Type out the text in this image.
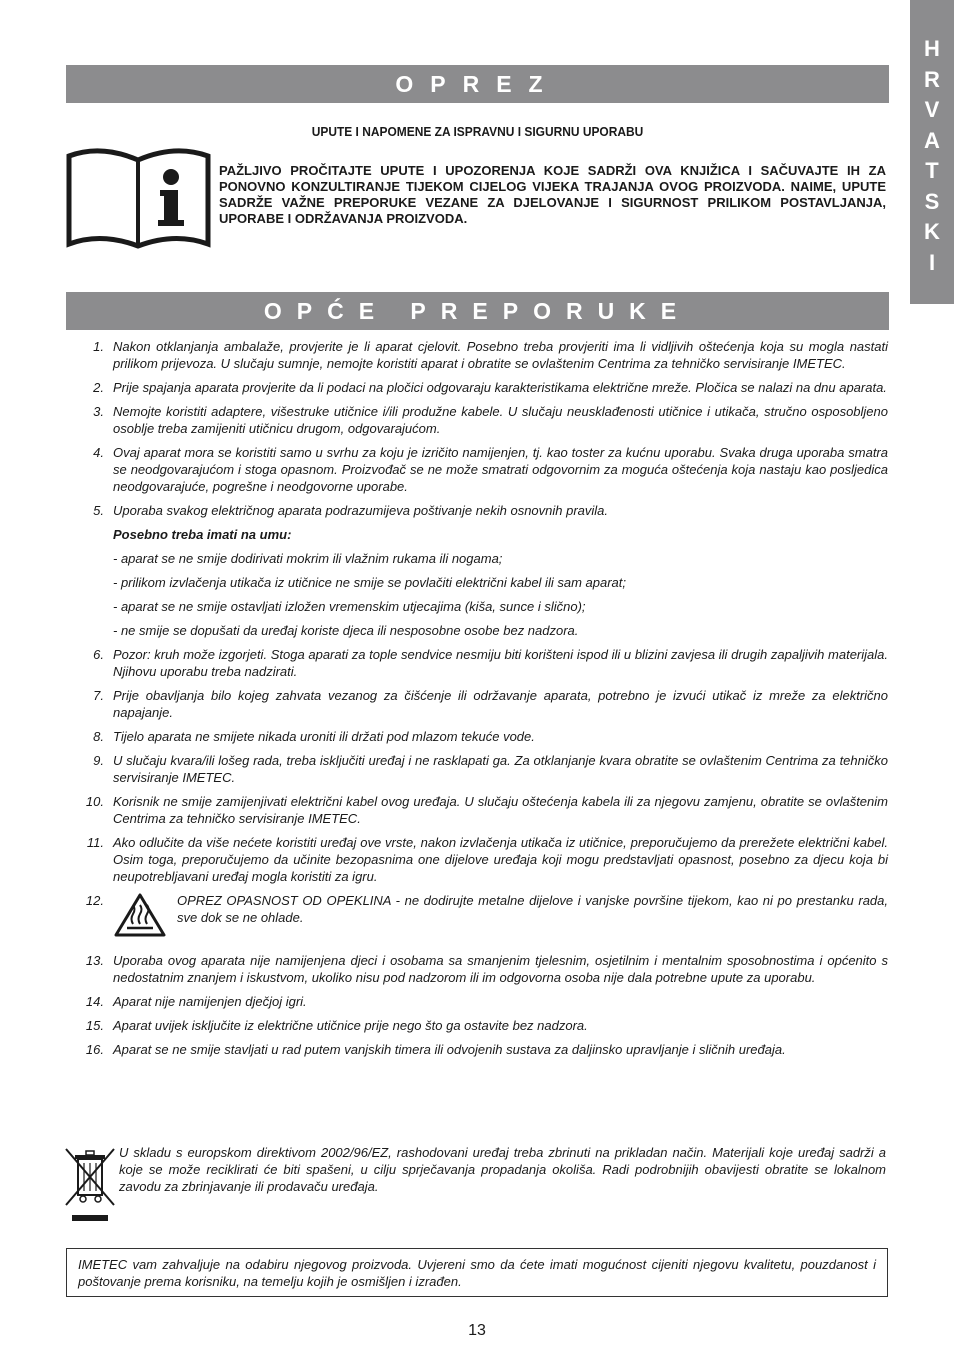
H
R
V
A
T
S
K
I
OPREZ
UPUTE I NAPOMENE ZA ISPRAVNU I SIGURNU UPORABU
PAŽLJIVO PROČITAJTE UPUTE I UPOZORENJA KOJE SADRŽI OVA KNJIŽICA I SAČUVAJTE IH ZA PONOVNO KONZULTIRANJE TIJEKOM CIJELOG VIJEKA TRAJANJA OVOG PROIZVODA. NAIME, UPUTE SADRŽE VAŽNE PREPORUKE VEZANE ZA DJELOVANJE I SIGURNOST PRILIKOM POSTAVLJANJA, UPORABE I ODRŽAVANJA PROIZVODA.
OPĆE PREPORUKE
1. Nakon otklanjanja ambalaže, provjerite je li aparat cjelovit. Posebno treba provjeriti ima li vidljivih oštećenja koja su mogla nastati prilikom prijevoza. U slučaju sumnje, nemojte koristiti aparat i obratite se ovlaštenim Centrima za tehničko servisiranje IMETEC.
2. Prije spajanja aparata provjerite da li podaci na pločici odgovaraju karakteristikama električne mreže. Pločica se nalazi na dnu aparata.
3. Nemojte koristiti adaptere, višestruke utičnice i/ili produžne kabele. U slučaju neusklađenosti utičnice i utikača, stručno osposobljeno osoblje treba zamijeniti utičnicu drugom, odgovarajućom.
4. Ovaj aparat mora se koristiti samo u svrhu za koju je izričito namijenjen, tj. kao toster za kućnu uporabu. Svaka druga uporaba smatra se neodgovarajućom i stoga opasnom. Proizvođač se ne može smatrati odgovornim za moguća oštećenja koja nastaju kao posljedica neodgovarajuće, pogrešne i neodgovorne uporabe.
5. Uporaba svakog električnog aparata podrazumijeva poštivanje nekih osnovnih pravila.
Posebno treba imati na umu:
- aparat se ne smije dodirivati mokrim ili vlažnim rukama ili nogama;
- prilikom izvlačenja utikača iz utičnice ne smije se povlačiti električni kabel ili sam aparat;
- aparat se ne smije ostavljati izložen vremenskim utjecajima (kiša, sunce i slično);
- ne smije se dopušati da uređaj koriste djeca ili nesposobne osobe bez nadzora.
6. Pozor: kruh može izgorjeti. Stoga aparati za tople sendvice nesmiju biti korišteni ispod ili u blizini zavjesa ili drugih zapaljivih materijala. Njihovu uporabu treba nadzirati.
7. Prije obavljanja bilo kojeg zahvata vezanog za čišćenje ili održavanje aparata, potrebno je izvući utikač iz mreže za električno napajanje.
8. Tijelo aparata ne smijete nikada uroniti ili držati pod mlazom tekuće vode.
9. U slučaju kvara/ili lošeg rada, treba isključiti uređaj i ne rasklapati ga. Za otklanjanje kvara obratite se ovlaštenim Centrima za tehničko servisiranje IMETEC.
10. Korisnik ne smije zamijenjivati električni kabel ovog uređaja. U slučaju oštećenja kabela ili za njegovu zamjenu, obratite se ovlaštenim Centrima za tehničko servisiranje IMETEC.
11. Ako odlučite da više nećete koristiti uređaj ove vrste, nakon izvlačenja utikača iz utičnice, preporučujemo da prerežete električni kabel. Osim toga, preporučujemo da učinite bezopasnima one dijelove uređaja koji mogu predstavljati opasnost, posebno za djecu koja bi neupotrebljavani uređaj mogla koristiti za igru.
12.	OPREZ OPASNOST OD OPEKLINA - ne dodirujte metalne dijelove i vanjske površine tijekom, kao ni po prestanku rada, sve dok se ne ohlade.
13. Uporaba ovog aparata nije namijenjena djeci i osobama sa smanjenim tjelesnim, osjetilnim i mentalnim sposobnostima i općenito s nedostatnim znanjem i iskustvom, ukoliko nisu pod nadzorom ili im odgovorna osoba nije dala potrebne upute za uporabu.
14. Aparat nije namijenjen dječjoj igri.
15. Aparat uvijek isključite iz električne utičnice prije nego što ga ostavite bez nadzora.
16. Aparat se ne smije stavljati u rad putem vanjskih timera ili odvojenih sustava za daljinsko upravljanje i sličnih uređaja.
U skladu s europskom direktivom 2002/96/EZ, rashodovani uređaj treba zbrinuti na prikladan način. Materijali koje uređaj sadrži a koje se može reciklirati će biti spašeni, u cilju sprječavanja propadanja okoliša. Radi podrobnijih obavijesti obratite se lokalnom zavodu za zbrinjavanje ili prodavaču uređaja.
IMETEC vam zahvaljuje na odabiru njegovog proizvoda. Uvjereni smo da ćete imati mogućnost cijeniti njegovu kvalitetu, pouzdanost i poštovanje prema korisniku, na temelju kojih je osmišljen i izrađen.
13
